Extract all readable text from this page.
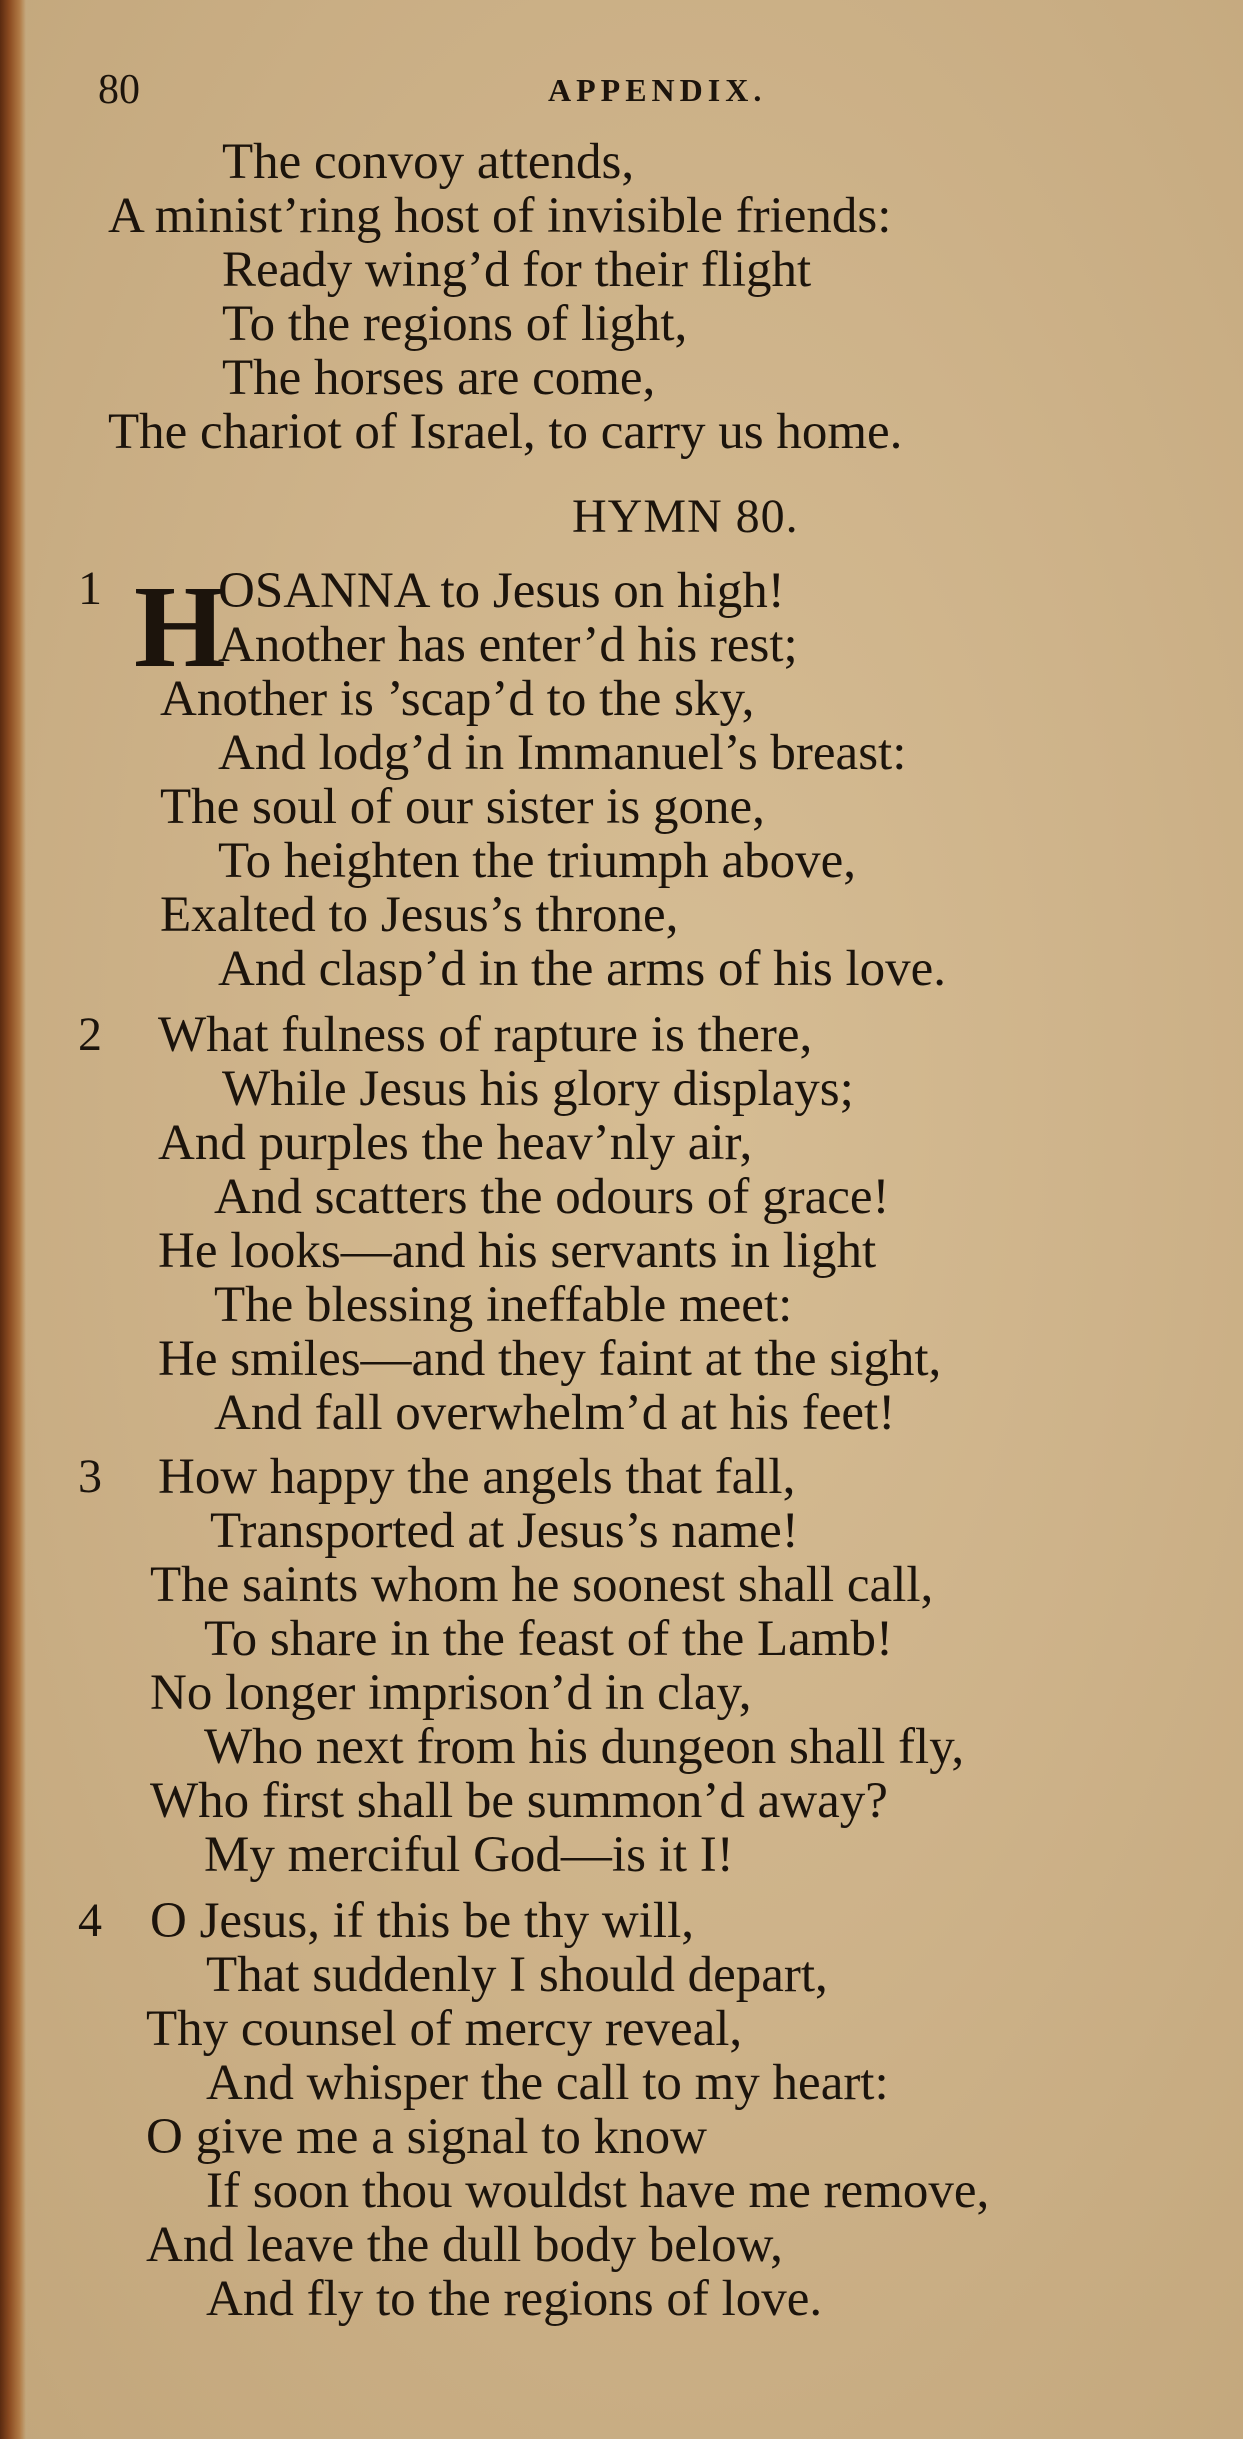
80	APPENDIX.
The convoy attends,
A minist’ring host of invisible friends:
Ready wing’d for their flight
To the regions of light,
The horses are come,
The chariot of Israel, to carry us home.
HYMN 80.
1 H
OSANNA to Jesus on high!
Another has enter’d his rest;
Another is ’scap’d to the sky,
And lodg’d in Immanuel’s breast:
The soul of our sister is gone,
To heighten the triumph above,
Exalted to Jesus’s throne,
And clasp’d in the arms of his love.
2 What fulness of rapture is there,
While Jesus his glory displays;
And purples the heav’nly air,
And scatters the odours of grace!
He looks—and his servants in light
The blessing ineffable meet:
He smiles—and they faint at the sight,
And fall overwhelm’d at his feet!
3 How happy the angels that fall,
Transported at Jesus’s name!
The saints whom he soonest shall call,
To share in the feast of the Lamb!
No longer imprison’d in clay,
Who next from his dungeon shall fly,
Who first shall be summon’d away?
My merciful God—is it I!
4 O Jesus, if this be thy will,
That suddenly I should depart,
Thy counsel of mercy reveal,
And whisper the call to my heart:
O give me a signal to know
If soon thou wouldst have me remove,
And leave the dull body below,
And fly to the regions of love.
